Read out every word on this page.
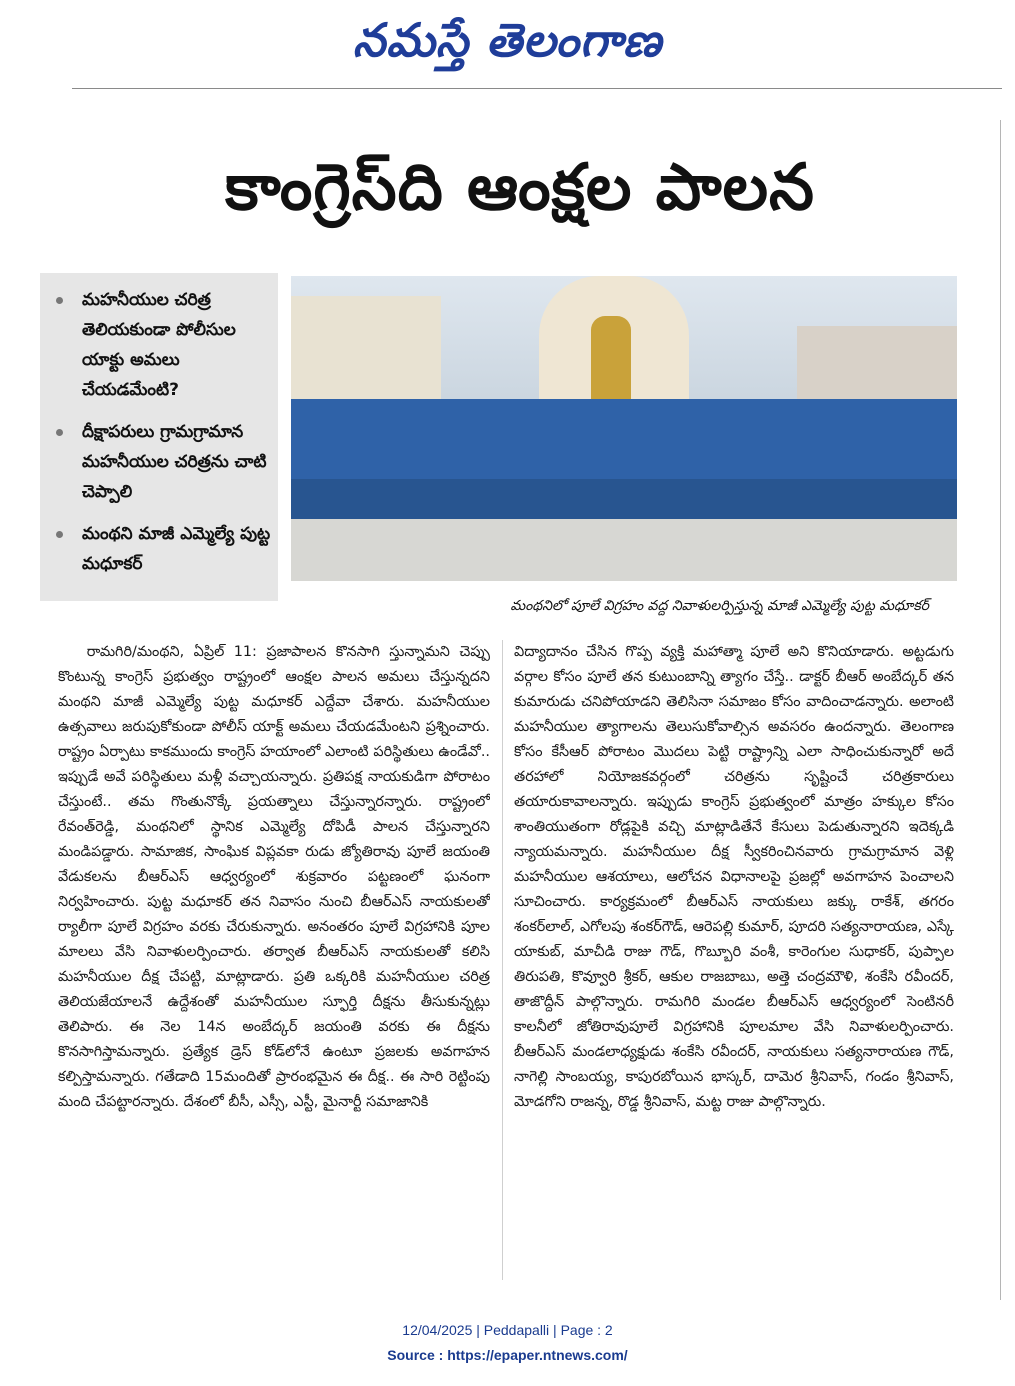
నమస్తే తెలంగాణ
కాంగ్రెస్‌ది ఆంక్షల పాలన
మహనీయుల చరిత్ర తెలియకుండా పోలీసుల యాక్టు అమలు చేయడమేంటి?
దీక్షాపరులు గ్రామగ్రామాన మహనీయుల చరిత్రను చాటి చెప్పాలి
మంథని మాజీ ఎమ్మెల్యే పుట్ట మధూకర్
మంథనిలో పూలే విగ్రహం వద్ద నివాళులర్పిస్తున్న మాజీ ఎమ్మెల్యే పుట్ట మధూకర్

రామగిరి/మంథని, ఏప్రిల్ 11: ప్రజాపాలన కొనసాగి స్తున్నామని చెప్పు కొంటున్న కాంగ్రెస్ ప్రభుత్వం రాష్ట్రంలో ఆంక్షల పాలన అమలు చేస్తున్నదని మంథని మాజీ ఎమ్మెల్యే పుట్ట మధూకర్ ఎద్దేవా చేశారు. మహనీయుల ఉత్సవాలు జరుపుకోకుండా పోలీస్ యాక్ట్ అమలు చేయడమేంటని ప్రశ్నించారు. రాష్ట్రం ఏర్పాటు కాకముందు కాంగ్రెస్ హయాంలో ఎలాంటి పరిస్థితులు ఉండేవో.. ఇప్పుడే అవే పరిస్థితులు మళ్లీ వచ్చాయన్నారు. ప్రతిపక్ష నాయకుడిగా పోరాటం చేస్తుంటే.. తమ గొంతునొక్కే ప్రయత్నాలు చేస్తున్నారన్నారు. రాష్ట్రంలో రేవంత్‌రెడ్డి, మంథనిలో స్థానిక ఎమ్మెల్యే దోపిడీ పాలన చేస్తున్నారని మండిపడ్డారు. సామాజిక, సాంఘిక విప్లవకా రుడు జ్యోతిరావు పూలే జయంతి వేడుకలను బీఆర్‌ఎస్ ఆధ్వర్యంలో శుక్రవారం పట్టణంలో ఘనంగా నిర్వహించారు. పుట్ట మధూకర్ తన నివాసం నుంచి బీఆర్‌ఎస్ నాయకులతో ర్యాలీగా పూలే విగ్రహం వరకు చేరుకున్నారు. అనంతరం పూలే విగ్రహానికి పూల మాలలు వేసి నివాళులర్పించారు. తర్వాత బీఆర్‌ఎస్ నాయకులతో కలిసి మహనీయుల దీక్ష చేపట్టి, మాట్లాడారు. ప్రతి ఒక్కరికి మహనీయుల చరిత్ర తెలియజేయాలనే ఉద్దేశంతో మహనీయుల స్ఫూర్తి దీక్షను తీసుకున్నట్లు తెలిపారు. ఈ నెల 14న అంబేద్కర్ జయంతి వరకు ఈ దీక్షను కొనసాగిస్తామన్నారు. ప్రత్యేక డ్రెస్ కోడ్‌లోనే ఉంటూ ప్రజలకు అవగాహన కల్పిస్తామన్నారు. గతేడాది 15మందితో ప్రారంభమైన ఈ దీక్ష.. ఈ సారి రెట్టింపు మంది చేపట్టారన్నారు. దేశంలో బీసీ, ఎస్సీ, ఎస్టీ, మైనార్టీ సమాజానికి

విద్యాదానం చేసిన గొప్ప వ్యక్తి మహాత్మా పూలే అని కొనియాడారు. అట్టడుగు వర్గాల కోసం పూలే తన కుటుంబాన్ని త్యాగం చేస్తే.. డాక్టర్ బీఆర్ అంబేద్కర్ తన కుమారుడు చనిపోయాడని తెలిసినా సమాజం కోసం వాదించాడన్నారు. అలాంటి మహనీయుల త్యాగాలను తెలుసుకోవాల్సిన అవసరం ఉందన్నారు. తెలంగాణ కోసం కేసీఆర్ పోరాటం మొదలు పెట్టి రాష్ట్రాన్ని ఎలా సాధించుకున్నారో అదే తరహాలో నియోజకవర్గంలో చరిత్రను సృష్టించే చరిత్రకారులు తయారుకావాలన్నారు. ఇప్పుడు కాంగ్రెస్ ప్రభుత్వంలో మాత్రం హక్కుల కోసం శాంతియుతంగా రోడ్లపైకి వచ్చి మాట్లాడితేనే కేసులు పెడుతున్నారని ఇదెక్కడి న్యాయమన్నారు. మహనీయుల దీక్ష స్వీకరించినవారు గ్రామగ్రామాన వెళ్లి మహనీయుల ఆశయాలు, ఆలోచన విధానాలపై ప్రజల్లో అవగాహన పెంచాలని సూచించారు. కార్యక్రమంలో బీఆర్‌ఎస్ నాయకులు జక్కు రాకేశ్, తగరం శంకర్‌లాల్, ఎగోలపు శంకర్‌గౌడ్, ఆరెపల్లి కుమార్, పూదరి సత్యనారాయణ, ఎస్కే యాకుబ్, మాచీడి రాజు గౌడ్, గొబ్బూరి వంశీ, కారెంగుల సుధాకర్, పుప్పాల తిరుపతి, కొవ్వూరి శ్రీకర్, ఆకుల రాజబాబు, అత్తె చంద్రమౌళి, శంకేసి రవీందర్, తాజొద్దీన్ పాల్గొన్నారు. రామగిరి మండల బీఆర్‌ఎస్ ఆధ్వర్యంలో సెంటినరీ కాలనీలో జోతిరావుపూలే విగ్రహానికి పూలమాల వేసి నివాళులర్పించారు. బీఆర్‌ఎస్ మండలాధ్యక్షుడు శంకేసి రవీందర్, నాయకులు సత్యనారాయణ గౌడ్, నాగెల్లి సాంబయ్య, కాపురబోయిన భాస్కర్, దామెర శ్రీనివాస్, గండం శ్రీనివాస్, మోడగోని రాజన్న, రొడ్డ శ్రీనివాస్, మట్ట రాజు పాల్గొన్నారు.

12/04/2025 | Peddapalli | Page : 2
Source : https://epaper.ntnews.com/
